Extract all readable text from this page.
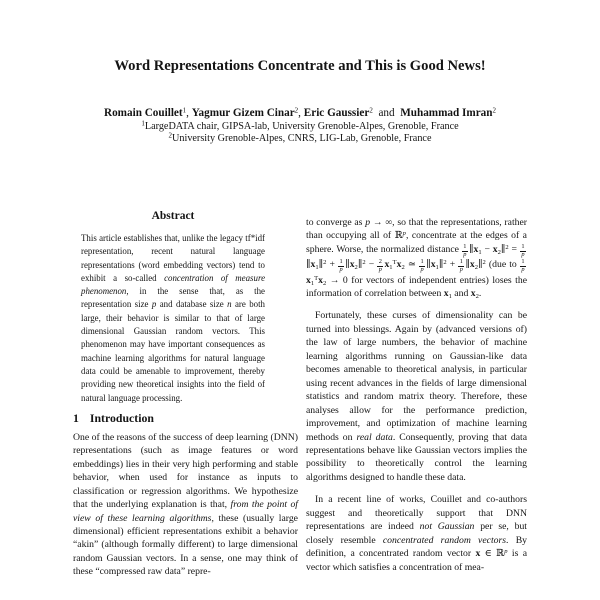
Word Representations Concentrate and This is Good News!
Romain Couillet$^1$, Yagmur Gizem Cinar$^2$, Eric Gaussier$^2$  and  Muhammad Imran$^2$
$^1$LargeDATA chair, GIPSA-lab, University Grenoble-Alpes, Grenoble, France
$^2$University Grenoble-Alpes, CNRS, LIG-Lab, Grenoble, France
Abstract
This article establishes that, unlike the legacy tf*idf representation, recent natural language representations (word embedding vectors) tend to exhibit a so-called concentration of measure phenomenon, in the sense that, as the representation size p and database size n are both large, their behavior is similar to that of large dimensional Gaussian random vectors. This phenomenon may have important consequences as machine learning algorithms for natural language data could be amenable to improvement, thereby providing new theoretical insights into the field of natural language processing.
1 Introduction
One of the reasons of the success of deep learning (DNN) representations (such as image features or word embeddings) lies in their very high performing and stable behavior, when used for instance as inputs to classification or regression algorithms. We hypothesize that the underlying explanation is that, from the point of view of these learning algorithms, these (usually large dimensional) efficient representations exhibit a behavior “akin” (although formally different) to large dimensional random Gaussian vectors. In a sense, one may think of these “compressed raw data” repre-
to converge as p → ∞, so that the representations, rather than occupying all of ℝ$^p$, concentrate at the edges of a sphere. Worse, the normalized distance $\frac{1}{p}$ $\parallel x_1$ − $x_2\parallel^2 = \frac{1}{p}$
$\parallel x_1\parallel^2 + \frac{1}{p}$ $\parallel x_2\parallel^2 - \frac{2}{p} x_1^Tx_2$ ≃ $\frac{1}{p}$ $\parallel x_1\parallel^2 + \frac{1}{p}$ $\parallel x_2\parallel^2$ (due to $\frac{1}{p}$
$x_1^Tx_2 \to 0$ for vectors of independent entries) loses the information of correlation between $x_1$ and $x_2$.
Fortunately, these curses of dimensionality can be turned into blessings. Again by (advanced versions of) the law of large numbers, the behavior of machine learning algorithms running on Gaussian-like data becomes amenable to theoretical analysis, in particular using recent advances in the fields of large dimensional statistics and random matrix theory. Therefore, these analyses allow for the performance prediction, improvement, and optimization of machine learning methods on real data. Consequently, proving that data representations behave like Gaussian vectors implies the possibility to theoretically control the learning algorithms designed to handle these data.
In a recent line of works, Couillet and co-authors suggest and theoretically support that DNN representations are indeed not Gaussian per se, but closely resemble concentrated random vectors. By definition, a concentrated random vector x ∈ ℝ$^p$ is a vector which satisfies a concentration of mea-
